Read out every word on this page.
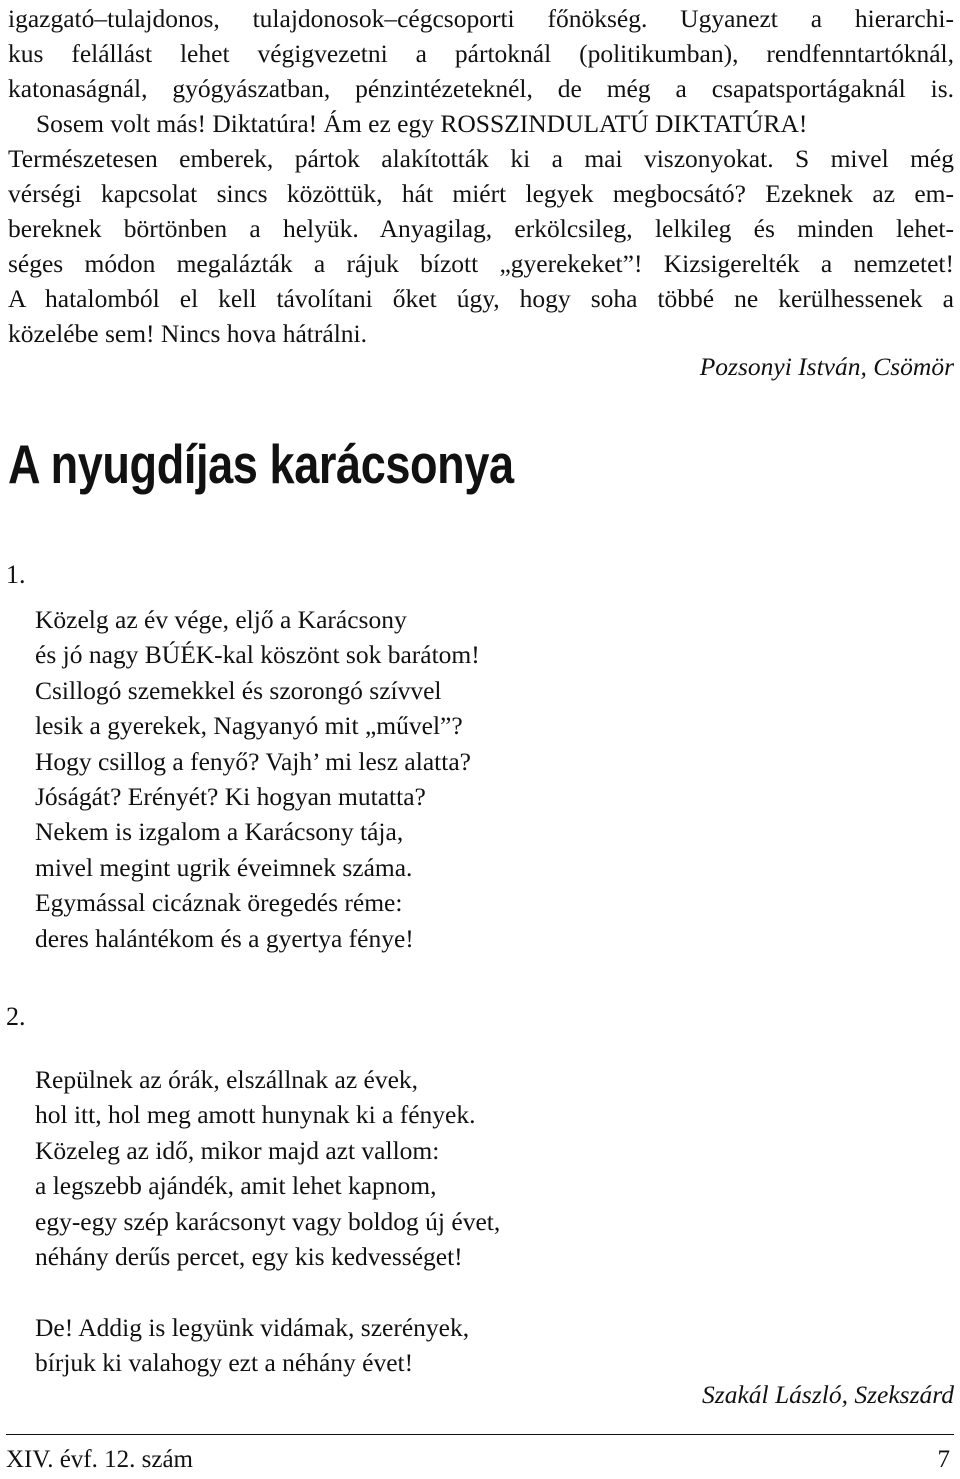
igazgató–tulajdonos, tulajdonosok–cégcsoporti főnökség. Ugyanezt a hierarchi-
kus felállást lehet végigvezetni a pártoknál (politikumban), rendfenntartóknál,
katonaságnál, gyógyászatban, pénzintézeteknél, de még a csapatsportágaknál is.
Sosem volt más! Diktatúra! Ám ez egy ROSSZINDULATÚ DIKTATÚRA!
Természetesen emberek, pártok alakították ki a mai viszonyokat. S mivel még
vérségi kapcsolat sincs közöttük, hát miért legyek megbocsátó? Ezeknek az em-
bereknek börtönben a helyük. Anyagilag, erkölcsileg, lelkileg és minden lehet-
séges módon megalázták a rájuk bízott „gyerekeket”! Kizsigerelték a nemzetet!
A hatalomból el kell távolítani őket úgy, hogy soha többé ne kerülhessenek a
közelébe sem! Nincs hova hátrálni.
Pozsonyi István, Csömör
A nyugdíjas karácsonya
1.
Közelg az év vége, eljő a Karácsony
és jó nagy BÚÉK-kal köszönt sok barátom!
Csillogó szemekkel és szorongó szívvel
lesik a gyerekek, Nagyanyó mit „művel”?
Hogy csillog a fenyő? Vajh’ mi lesz alatta?
Jóságát? Erényét? Ki hogyan mutatta?
Nekem is izgalom a Karácsony tája,
mivel megint ugrik éveimnek száma.
Egymással cicáznak öregedés réme:
deres halántékom és a gyertya fénye!
2.
Repülnek az órák, elszállnak az évek,
hol itt, hol meg amott hunynak ki a fények.
Közeleg az idő, mikor majd azt vallom:
a legszebb ajándék, amit lehet kapnom,
egy-egy szép karácsonyt vagy boldog új évet,
néhány derűs percet, egy kis kedvességet!
De! Addig is legyünk vidámak, szerények,
bírjuk ki valahogy ezt a néhány évet!
Szakál László, Szekszárd
XIV. évf. 12. szám	7
